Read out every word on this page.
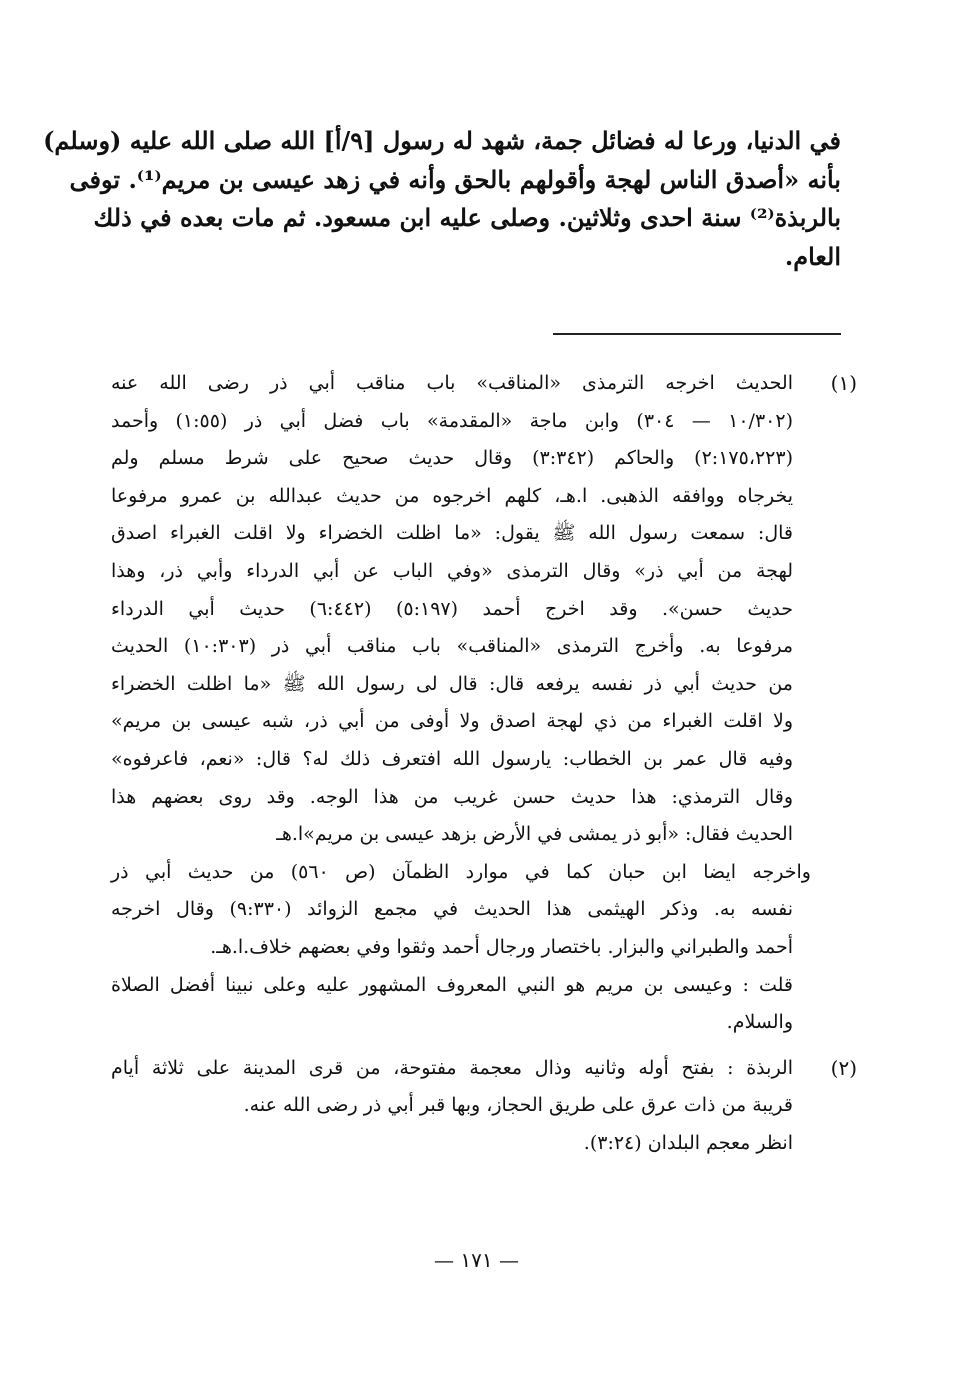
في الدنيا، ورعا له فضائل جمة، شهد له رسول [٩/أ] الله صلى الله عليه (وسلم)
بأنه «أصدق الناس لهجة وأقولهم بالحق وأنه في زهد عيسى بن مريم⁽¹⁾. توفى
بالربذة⁽²⁾ سنة احدى وثلاثين. وصلى عليه ابن مسعود. ثم مات بعده في ذلك
العام.
(١)
الحديث اخرجه الترمذى «المناقب» باب مناقب أبي ذر رضى الله عنه
(١٠/٣٠٢ — ٣٠٤) وابن ماجة «المقدمة» باب فضل أبي ذر (١:٥٥) وأحمد
(٢:١٧٥،٢٢٣) والحاكم (٣:٣٤٢) وقال حديث صحيح على شرط مسلم ولم
يخرجاه ووافقه الذهبى. ا.هـ، كلهم اخرجوه من حديث عبدالله بن عمرو مرفوعا
قال: سمعت رسول الله ﷺ يقول: «ما اظلت الخضراء ولا اقلت الغبراء اصدق
لهجة من أبي ذر» وقال الترمذى «وفي الباب عن أبي الدرداء وأبي ذر، وهذا
حديث حسن». وقد اخرج أحمد (٥:١٩٧) (٦:٤٤٢) حديث أبي الدرداء
مرفوعا به. وأخرج الترمذى «المناقب» باب مناقب أبي ذر (١٠:٣٠٣) الحديث
من حديث أبي ذر نفسه يرفعه قال: قال لى رسول الله ﷺ «ما اظلت الخضراء
ولا اقلت الغبراء من ذي لهجة اصدق ولا أوفى من أبي ذر، شبه عيسى بن مريم»
وفيه قال عمر بن الخطاب: يارسول الله افتعرف ذلك له؟ قال: «نعم، فاعرفوه»
وقال الترمذي: هذا حديث حسن غريب من هذا الوجه. وقد روى بعضهم هذا
الحديث فقال: «أبو ذر يمشى في الأرض بزهد عيسى بن مريم»ا.هـ
واخرجه ايضا ابن حبان كما في موارد الظمآن (ص ٥٦٠) من حديث أبي ذر
نفسه به. وذكر الهيثمى هذا الحديث في مجمع الزوائد (٩:٣٣٠) وقال اخرجه
أحمد والطبراني والبزار. باختصار ورجال أحمد وثقوا وفي بعضهم خلاف.ا.هـ.
قلت : وعيسى بن مريم هو النبي المعروف المشهور عليه وعلى نبينا أفضل الصلاة
والسلام.
(٢)
الربذة : بفتح أوله وثانيه وذال معجمة مفتوحة، من قرى المدينة على ثلاثة أيام
قريبة من ذات عرق على طريق الحجاز، وبها قبر أبي ذر رضى الله عنه.
انظر معجم البلدان (٣:٢٤).
— ١٧١ —
